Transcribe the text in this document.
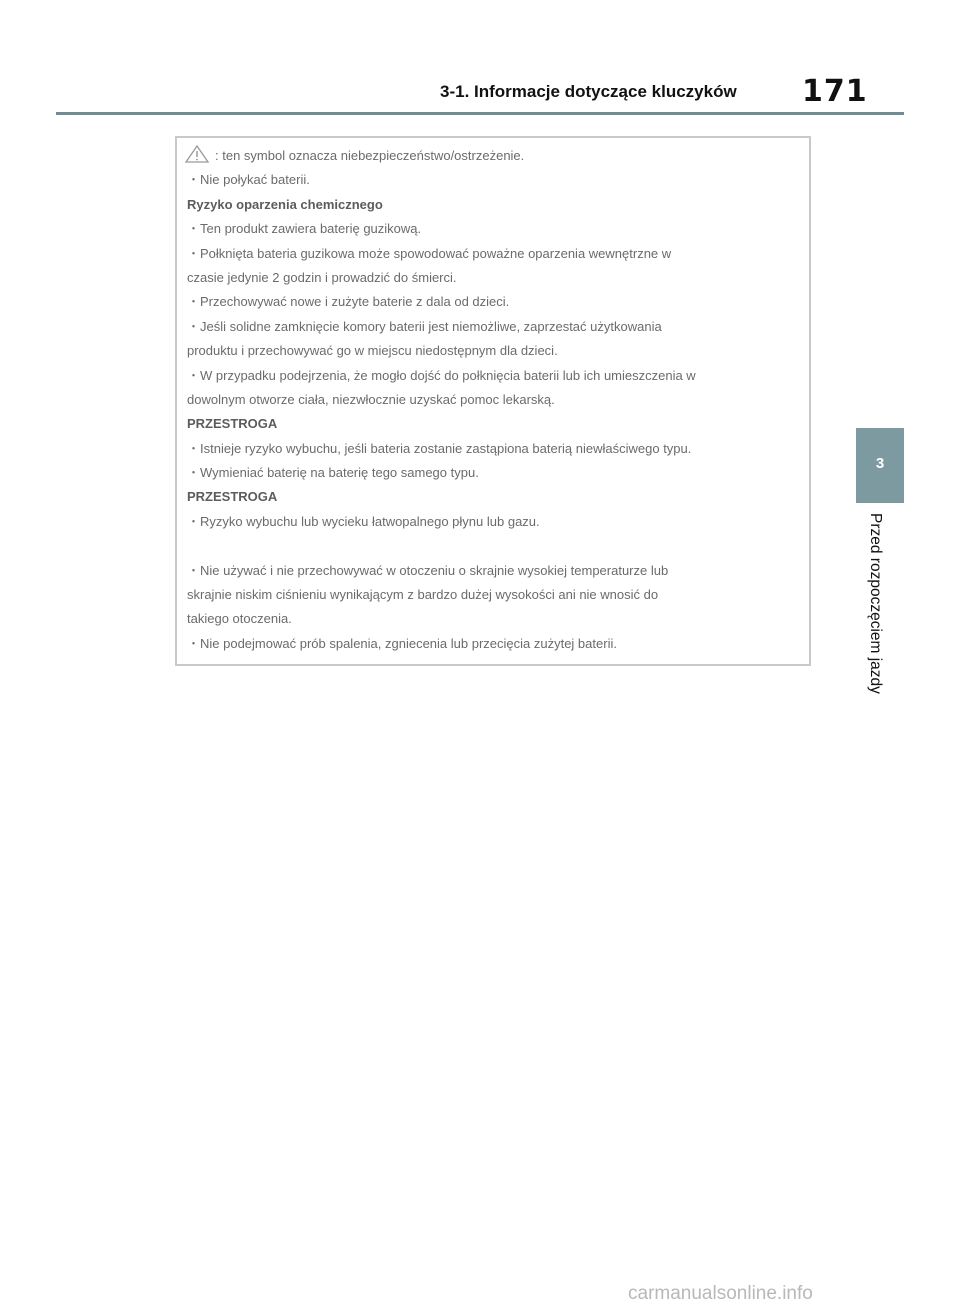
3-1. Informacje dotyczące kluczyków 171
: ten symbol oznacza niebezpieczeństwo/ostrzeżenie.
・Nie połykać baterii.
Ryzyko oparzenia chemicznego
・Ten produkt zawiera baterię guzikową.
・Połknięta bateria guzikowa może spowodować poważne oparzenia wewnętrzne w
czasie jedynie 2 godzin i prowadzić do śmierci.
・Przechowywać nowe i zużyte baterie z dala od dzieci.
・Jeśli solidne zamknięcie komory baterii jest niemożliwe, zaprzestać użytkowania
produktu i przechowywać go w miejscu niedostępnym dla dzieci.
・W przypadku podejrzenia, że mogło dojść do połknięcia baterii lub ich umieszczenia w
dowolnym otworze ciała, niezwłocznie uzyskać pomoc lekarską.
PRZESTROGA
・Istnieje ryzyko wybuchu, jeśli bateria zostanie zastąpiona baterią niewłaściwego typu.
・Wymieniać baterię na baterię tego samego typu.
PRZESTROGA
・Ryzyko wybuchu lub wycieku łatwopalnego płynu lub gazu.
・Nie używać i nie przechowywać w otoczeniu o skrajnie wysokiej temperaturze lub
skrajnie niskim ciśnieniu wynikającym z bardzo dużej wysokości ani nie wnosić do
takiego otoczenia.
・Nie podejmować prób spalenia, zgniecenia lub przecięcia zużytej baterii.
3
Przed rozpoczęciem jazdy
carmanualsonline.info
